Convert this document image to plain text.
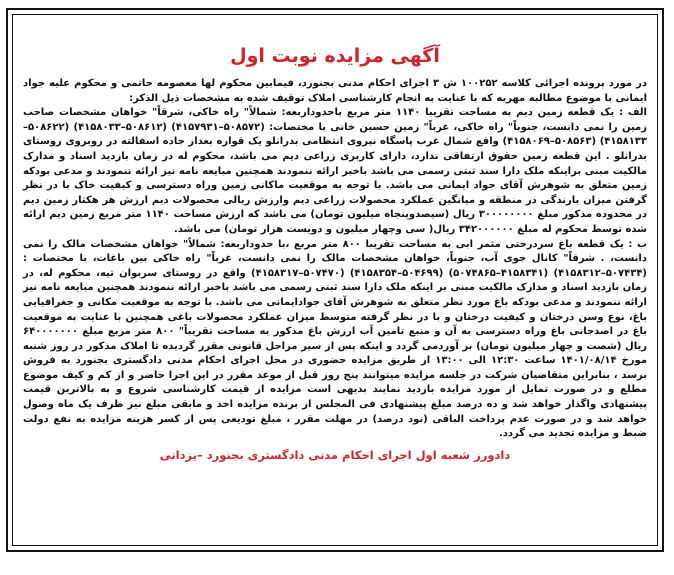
آگهی مزایده نوبت اول

در مورد پرونده اجرائی کلاسه ۱۰۰۲۵۲ ش ۳ اجرای احکام مدنی بجنورد، فیمابین محکوم لها معصومه حاتمی و محکوم علیه جواد ایمانی با موضوع مطالبه مهریه که با عنایت به انجام کارشناسی املاک توقیف شده به مشخصات ذیل الذکر:

الف : یک قطعه زمین دیم به مساحت تقریبا ۱۱۴۰ متر مربع باحدوداربعه: شمالاً" راه خاکی، شرقاً" خواهان مشخصات صاحب زمین را نمی دانست، جنوباً" راه خاکی، غرباً" زمین حسین خانی با مختصات: (۵۰۸۵۷۲–۴۱۵۷۹۳۱) (۵۰۸۶۱۲–۴۱۵۸۰۳۳) (۵۰۸۶۲۲–۴۱۵۸۱۳۳) (۵۰۸۵۶۳–۴۱۵۸۰۶۹) واقع شمال غرب پاسگاه نیروی انتظامی بدرانلو یک قواره بعداز جاده اسفالته در روبروی روستای بدرانلو . این قطعه زمین حقوق ارتفاقی ندارد، دارای کاربری زراعی دیم می باشد، محکوم له در زمان بازدید اسناد و مدارک مالکیت مبنی براینکه ملک دارا سند ثبتی رسمی می باشد باخبر ارائه ننمودند همچنین مبایعه نامه نیز ارائه ننمودند و مدعی بودکه زمین متعلق به شوهرش آقای جواد ایمانی می باشد. با توجه به موقعیت ماکانی زمین وراه دسترسی و کیفیت خاک با در نظر گرفتن میزان بارندگی در منطقه و میانگین عملکرد محصولات زراعی دیم وارزش ریالی محصولات دیم ارزش هر هکتار زمین دیم در محدوده مذکور مبلغ ۳۰۰۰۰۰۰۰۰ ریال (سیصدوپنجاه میلیون تومان) می باشد که ارزش مساحت ۱۱۴۰ متر مربع زمین دیم ارائه شده توسط محکوم له مبلغ ۳۴۲۰۰۰۰۰۰ ریال( سی وچهار میلیون و دویست هزار تومان) می باشد.

ب : یک قطعه باغ سردرختی مثمر ابی به مساحت تقریبا ۸۰۰ متر مربع ،با حدوداربعه: شمالاً" خواهان مشخصات مالک را نمی دانست، . شرقاً" کانال جوی آب، جنوباً، خواهان مشخصات مالک را نمی دانست، غرباً" راه خاکی بین باغات، با مختصات : (۵۰۷۴۳۴–۴۱۵۸۳۱۲) (۴۱۵۸۳۴۱–۵۰۷۴۸۶۵) (۵۰۴۶۹۹–۴۱۵۸۳۵۴) (۵۰۷۴۷۰–۴۱۵۸۳۱۷) واقع در روستای سربوان تیه، محکوم له، در زمان بازدید اسناد و مدارک مالکیت مبنی بر اینکه ملک دارا سند ثبتی رسمی می باشد باخبر ارائه ننمودند همچنین مبایعه نامه نیز ارائه ننمودند و مدعی بودکه باغ مورد نظر متعلق به شوهرش آقای جوادایمانی می باشد. با توجه به موقعیت مکانی و جغرافیایی باغ، نوع وسن درختان و کیفیت درختان و با در نظر گرفته متوسط میزان عملکرد محصولات باغی همچنین با عنایت به موقعیت باغ در اصدجانی باغ وراه دسترسی به آن و منبع تامین آب ارزش باغ مذکور به مساحت تقریباً" ۸۰۰ متر مربع مبلغ ۶۴۰۰۰۰۰۰۰ ریال (شصت و چهار میلیون تومان) بر آوردمی گردد و اینکه پس از سیر مراحل قانونی مقرر گردیده تا املاک مذکور در روز شنبه مورخ ۱۴۰۱/۰۸/۱۴ ساعت ۱۲:۳۰ الی ۱۳:۰۰ از طریق مزایده حضوری در محل اجرای احکام مدنی دادگستری بجنورد به فروش برسد ، بنابراین متقاضیان شرکت در جلسه مزایده میتوانند پنج روز قبل از موعد مقرر در این اجرا حاضر و از کم و کیف موضوع مطلع و در صورت تمایل از مورد مزایده بازدید نمایند بدیهی است مزایده از قیمت کارشناسی شروع و به بالاترین قیمت پیشنهادی واگذار خواهد شد و ده درصد مبلغ پیشنهادی فی المجلس از برنده مزایده اخذ و مابقی مبلغ نیز ظرف یک ماه وصول خواهد شد و در صورت عدم پرداخت الباقی (نود درصد) در مهلت مقرر ، مبلغ تودیعی پس از کسر هزینه مزایده به نفع دولت ضبط و مزایده تجدید می گردد.

دادورز شعبه اول اجرای احکام مدنی دادگستری بجنورد –یزدانی
